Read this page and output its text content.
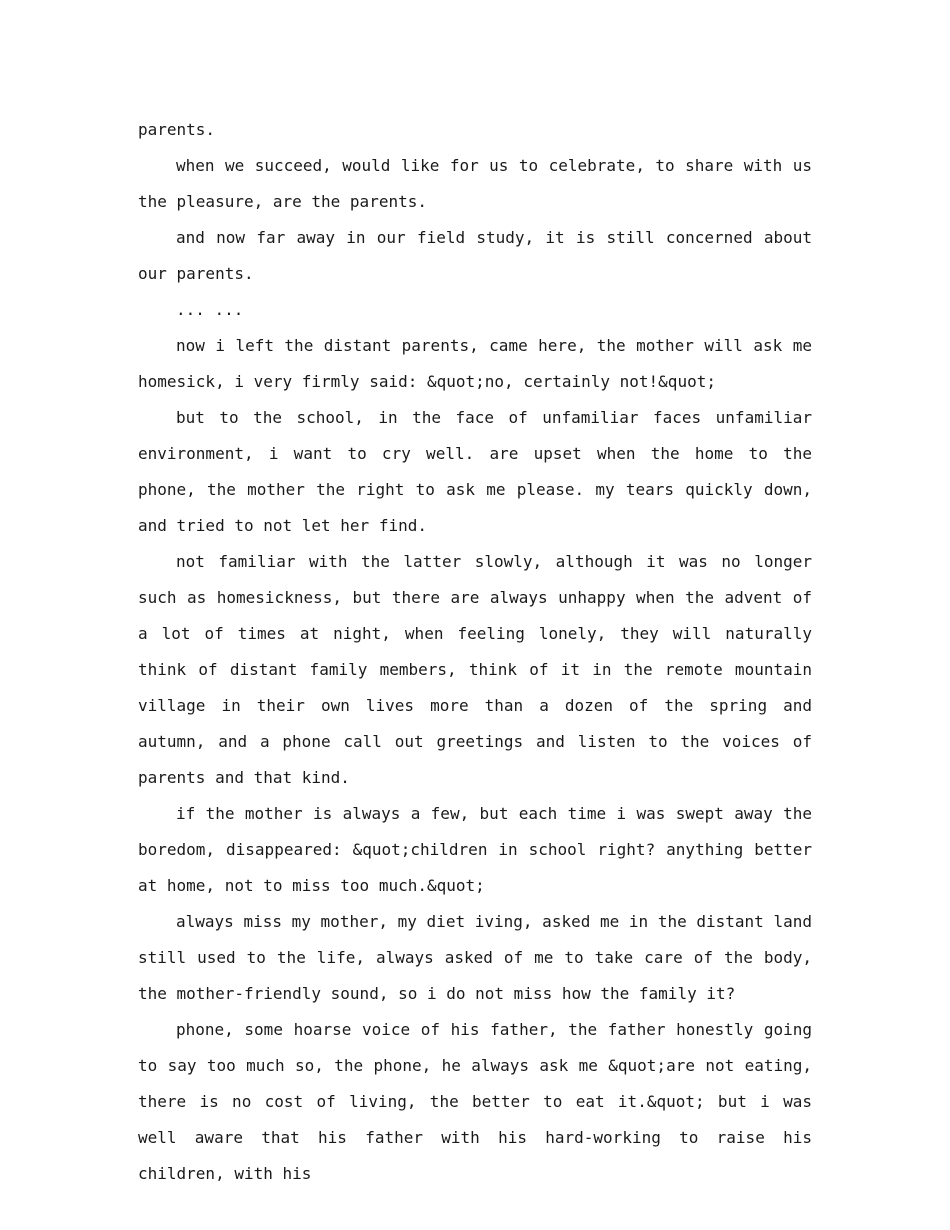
parents.

when we succeed, would like for us to celebrate, to share with us the pleasure, are the parents.

and now far away in our field study, it is still concerned about our parents.

... ...

now i left the distant parents, came here, the mother will ask me homesick, i very firmly said: &quot;no, certainly not!&quot;

but to the school, in the face of unfamiliar faces unfamiliar environment, i want to cry well. are upset when the home to the phone, the mother the right to ask me please. my tears quickly down, and tried to not let her find.

not familiar with the latter slowly, although it was no longer such as homesickness, but there are always unhappy when the advent of a lot of times at night, when feeling lonely, they will naturally think of distant family members, think of it in the remote mountain village in their own lives more than a dozen of the spring and autumn, and a phone call out greetings and listen to the voices of parents and that kind.

if the mother is always a few, but each time i was swept away the boredom, disappeared: &quot;children in school right? anything better at home, not to miss too much.&quot;

always miss my mother, my diet iving, asked me in the distant land still used to the life, always asked of me to take care of the body, the mother-friendly sound, so i do not miss how the family it?

phone, some hoarse voice of his father, the father honestly going to say too much so, the phone, he always ask me &quot;are not eating, there is no cost of living, the better to eat it.&quot; but i was well aware that his father with his hard-working to raise his children, with his
